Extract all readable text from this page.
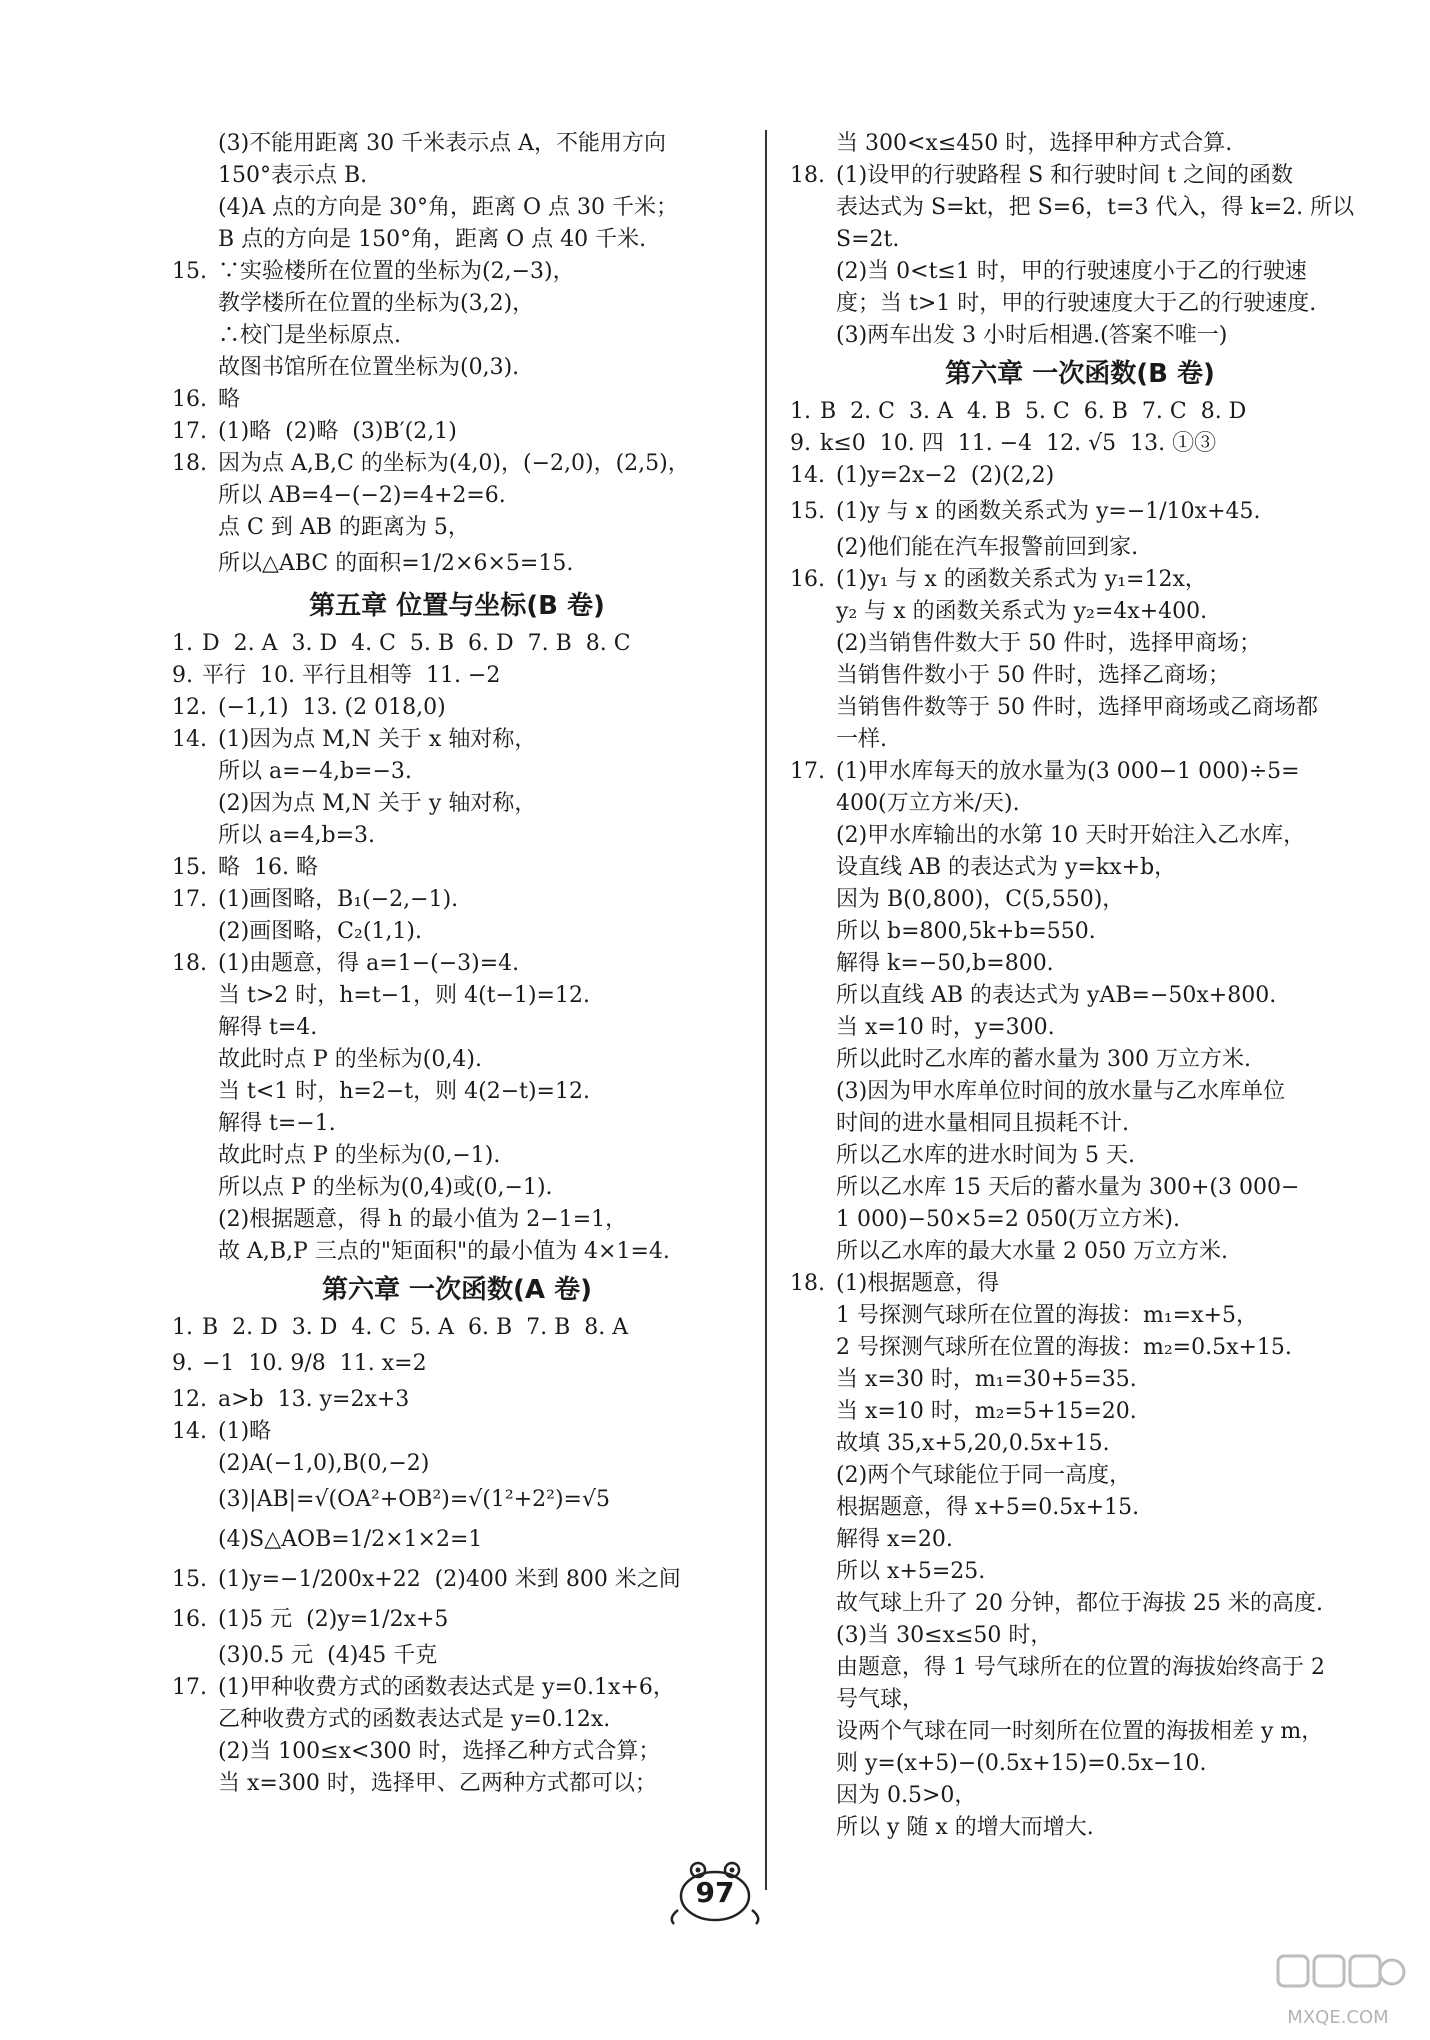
(3)不能用距离 30 千米表示点 A，不能用方向
150°表示点 B.
(4)A 点的方向是 30°角，距离 O 点 30 千米；
B 点的方向是 150°角，距离 O 点 40 千米.
15. ∵实验楼所在位置的坐标为(2,−3)，
教学楼所在位置的坐标为(3,2)，
∴校门是坐标原点.
故图书馆所在位置坐标为(0,3).
16. 略
17. (1)略  (2)略  (3)B′(2,1)
18. 因为点 A,B,C 的坐标为(4,0)，(−2,0)，(2,5)，
所以 AB=4−(−2)=4+2=6.
点 C 到 AB 的距离为 5，
所以△ABC 的面积=1/2×6×5=15.
第五章 位置与坐标(B 卷)
1. D  2. A  3. D  4. C  5. B  6. D  7. B  8. C
9. 平行  10. 平行且相等  11. −2
12. (−1,1)  13. (2 018,0)
14. (1)因为点 M,N 关于 x 轴对称，
所以 a=−4,b=−3.
(2)因为点 M,N 关于 y 轴对称，
所以 a=4,b=3.
15. 略  16. 略
17. (1)画图略，B₁(−2,−1).
(2)画图略，C₂(1,1).
18. (1)由题意，得 a=1−(−3)=4.
当 t>2 时，h=t−1，则 4(t−1)=12.
解得 t=4.
故此时点 P 的坐标为(0,4).
当 t<1 时，h=2−t，则 4(2−t)=12.
解得 t=−1.
故此时点 P 的坐标为(0,−1).
所以点 P 的坐标为(0,4)或(0,−1).
(2)根据题意，得 h 的最小值为 2−1=1，
故 A,B,P 三点的"矩面积"的最小值为 4×1=4.
第六章 一次函数(A 卷)
1. B  2. D  3. D  4. C  5. A  6. B  7. B  8. A
9. −1  10. 9/8  11. x=2
12. a>b  13. y=2x+3
14. (1)略
(2)A(−1,0),B(0,−2)
(3)|AB|=√(OA²+OB²)=√(1²+2²)=√5
(4)S△AOB=1/2×1×2=1
15. (1)y=−1/200x+22  (2)400 米到 800 米之间
16. (1)5 元  (2)y=1/2x+5
(3)0.5 元  (4)45 千克
17. (1)甲种收费方式的函数表达式是 y=0.1x+6，
乙种收费方式的函数表达式是 y=0.12x.
(2)当 100≤x<300 时，选择乙种方式合算；
当 x=300 时，选择甲、乙两种方式都可以；
当 300<x≤450 时，选择甲种方式合算.
18. (1)设甲的行驶路程 S 和行驶时间 t 之间的函数
表达式为 S=kt，把 S=6，t=3 代入，得 k=2. 所以
S=2t.
(2)当 0<t≤1 时，甲的行驶速度小于乙的行驶速
度；当 t>1 时，甲的行驶速度大于乙的行驶速度.
(3)两车出发 3 小时后相遇.(答案不唯一)
第六章 一次函数(B 卷)
1. B  2. C  3. A  4. B  5. C  6. B  7. C  8. D
9. k≤0  10. 四  11. −4  12. √5  13. ①③
14. (1)y=2x−2  (2)(2,2)
15. (1)y 与 x 的函数关系式为 y=−1/10x+45.
(2)他们能在汽车报警前回到家.
16. (1)y₁ 与 x 的函数关系式为 y₁=12x，
y₂ 与 x 的函数关系式为 y₂=4x+400.
(2)当销售件数大于 50 件时，选择甲商场；
当销售件数小于 50 件时，选择乙商场；
当销售件数等于 50 件时，选择甲商场或乙商场都
一样.
17. (1)甲水库每天的放水量为(3 000−1 000)÷5=
400(万立方米/天).
(2)甲水库输出的水第 10 天时开始注入乙水库，
设直线 AB 的表达式为 y=kx+b，
因为 B(0,800)，C(5,550)，
所以 b=800,5k+b=550.
解得 k=−50,b=800.
所以直线 AB 的表达式为 yAB=−50x+800.
当 x=10 时，y=300.
所以此时乙水库的蓄水量为 300 万立方米.
(3)因为甲水库单位时间的放水量与乙水库单位
时间的进水量相同且损耗不计.
所以乙水库的进水时间为 5 天.
所以乙水库 15 天后的蓄水量为 300+(3 000−
1 000)−50×5=2 050(万立方米).
所以乙水库的最大水量 2 050 万立方米.
18. (1)根据题意，得
1 号探测气球所在位置的海拔：m₁=x+5，
2 号探测气球所在位置的海拔：m₂=0.5x+15.
当 x=30 时，m₁=30+5=35.
当 x=10 时，m₂=5+15=20.
故填 35,x+5,20,0.5x+15.
(2)两个气球能位于同一高度，
根据题意，得 x+5=0.5x+15.
解得 x=20.
所以 x+5=25.
故气球上升了 20 分钟，都位于海拔 25 米的高度.
(3)当 30≤x≤50 时，
由题意，得 1 号气球所在的位置的海拔始终高于 2
号气球，
设两个气球在同一时刻所在位置的海拔相差 y m，
则 y=(x+5)−(0.5x+15)=0.5x−10.
因为 0.5>0，
所以 y 随 x 的增大而增大.
97
MXQE.COM
